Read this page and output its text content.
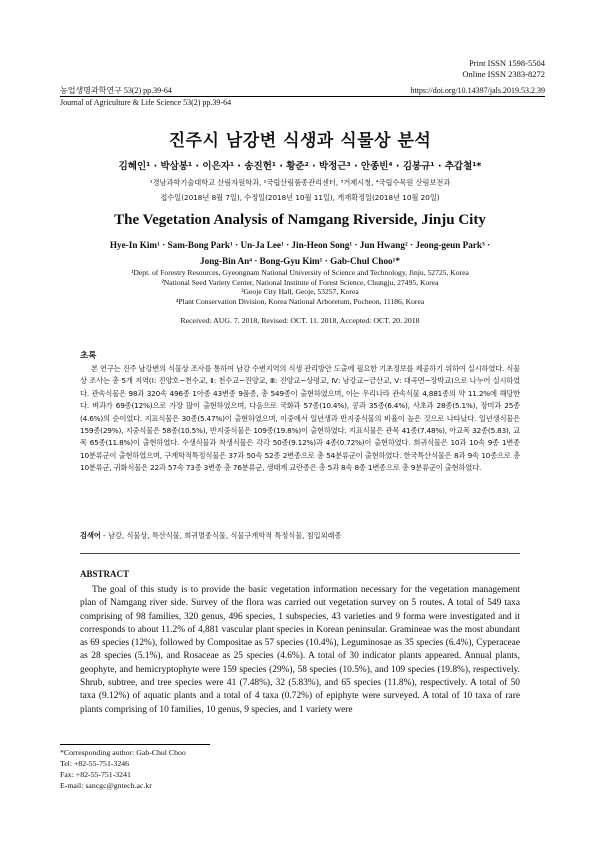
Print ISSN 1598-5504
Online ISSN 2383-8272
농업생명과학연구 53(2) pp.39-64	https://doi.org/10.14397/jals.2019.53.2.39
Journal of Agriculture & Life Science 53(2) pp.39-64
진주시 남강변 식생과 식물상 분석
김혜인¹ · 박삼봉¹ · 이은자¹ · 송진헌¹ · 황준² · 박정근³ · 안종빈⁴ · 김봉규¹ · 추갑철¹*
¹경남과학기술대학교 산림자원학과, ²국립산림품종관리센터, ³거제시청, ⁴국립수목원 산림보전과
접수일(2018년 8월 7일), 수정일(2018년 10월 11일), 게재확정일(2018년 10월 20일)
The Vegetation Analysis of Namgang Riverside, Jinju City
Hye-In Kim¹ · Sam-Bong Park¹ · Un-Ja Lee¹ · Jin-Heon Song¹ · Jun Hwang² · Jeong-geun Park³ ·
Jong-Bin An⁴ · Bong-Gyu Kim¹ · Gab-Chul Choo¹*
¹Dept. of Forestry Resources, Gyeongnam National University of Science and Technology, Jinju, 52725, Korea
²National Seed Variety Center, National Institute of Forest Science, Chungju, 27495, Korea
³Geoje City Hall, Geoje, 53257, Korea
⁴Plant Conservation Division, Korea National Arboretum, Pocheon, 11186, Korea
Received: AUG. 7. 2018, Revised: OCT. 11. 2018, Accepted: OCT. 20. 2018
초록

본 연구는 진주 남강변의 식물상 조사를 통하여 남강 수변지역의 식생 관리방안 도출에 필요한 기초정보를 제공하기 위하여 실시하였다. 식물상 조사는 총 5개 지역(Ⅰ: 진양호~천수교, Ⅱ: 천수교~진양교, Ⅲ: 진양교~상평교, Ⅳ: 남강교~금산교, Ⅴ: 대곡면~장박교)으로 나누어 실시하였다. 관속식물은 98과 320속 496종 1아종 43변종 9품종, 총 549종이 출현하였으며, 이는 우리나라 관속식물 4,881종의 약 11.2%에 해당한다. 벼과가 69종(12%)으로 가장 많이 출현하였으며, 다음으로 국화과 57종(10.4%), 콩과 35종(6.4%), 사초과 28종(5.1%), 장미과 25종(4.6%)의 순이었다. 지표식물은 30종(5.47%)이 출현하였으며, 이중에서 일년생과 반지중식물의 비율이 높은 것으로 나타났다. 일년생식물은 159종(29%), 지중식물은 58종(10.5%), 반지중식물은 109종(19.8%)이 출현하였다. 지표식물은 관목 41종(7.48%), 아교목 32종(5.83), 교목 65종(11.8%)이 출현하였다. 수생식물과 착생식물은 각각 50종(9.12%)과 4종(0.72%)이 출현하였다. 희귀식물은 10과 10속 9종 1변종 10분류군이 출현하였으며, 구계학적특정식물은 37과 50속 52종 2변종으로 총 54분류군이 출현하였다. 한국특산식물은 8과 9속 10종으로 총 10분류군, 귀화식물은 22과 57속 73종 3변종 총 76분류군, 생태계 교란종은 총 5과 8속 8종 1변종으로 총 9분류군이 출현하였다.

검색어 - 남강, 식물상, 특산식물, 희귀멸종식물, 식물구계학적 특정식물, 침입외래종
ABSTRACT

The goal of this study is to provide the basic vegetation information necessary for the vegetation management plan of Namgang river side. Survey of the flora was carried out vegetation survey on 5 routes. A total of 549 taxa comprising of 98 families, 320 genus, 496 species, 1 subspecies, 43 varieties and 9 forma were investigated and it corresponds to about 11.2% of 4,881 vascular plant species in Korean peninsular. Gramineae was the most abundant as 69 species (12%), followed by Compositae as 57 species (10.4%), Leguminosae as 35 species (6.4%), Cyperaceae as 28 species (5.1%), and Rosaceae as 25 species (4.6%). A total of 30 indicator plants appeared. Annual plants, geophyte, and hemicryptophyte were 159 species (29%), 58 species (10.5%), and 109 species (19.8%), respectively. Shrub, subtree, and tree species were 41 (7.48%), 32 (5.83%), and 65 species (11.8%), respectively. A total of 50 taxa (9.12%) of aquatic plants and a total of 4 taxa (0.72%) of epiphyte were surveyed. A total of 10 taxa of rare plants comprising of 10 families, 10 genus, 9 species, and 1 variety were

*Corresponding author: Gab-Chul Choo
Tel: +82-55-751-3246
Fax: +82-55-751-3241
E-mail: sancgc@gntech.ac.kr
